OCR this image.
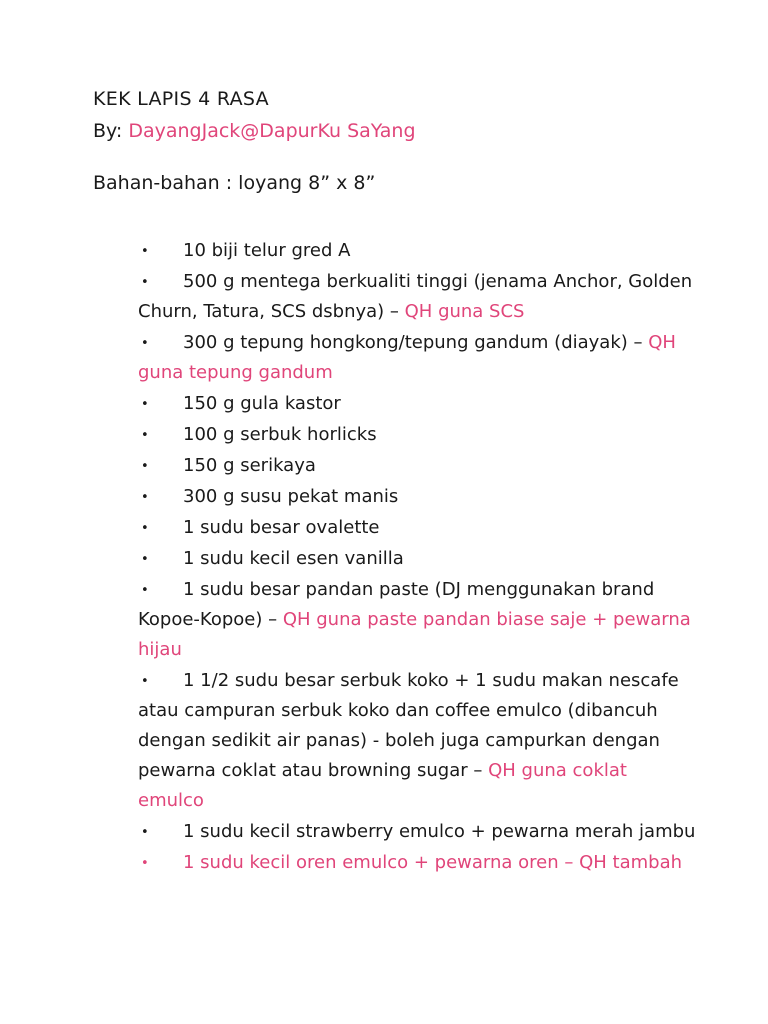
KEK LAPIS 4 RASA
By: DayangJack@DapurKu SaYang
Bahan-bahan : loyang 8” x 8”
• 10 biji telur gred A
• 500 g mentega berkualiti tinggi (jenama Anchor, Golden Churn, Tatura, SCS dsbnya) – QH guna SCS
• 300 g tepung hongkong/tepung gandum (diayak) – QH guna tepung gandum
• 150 g gula kastor
• 100 g serbuk horlicks
• 150 g serikaya
• 300 g susu pekat manis
• 1 sudu besar ovalette
• 1 sudu kecil esen vanilla
• 1 sudu besar pandan paste (DJ menggunakan brand Kopoe-Kopoe) – QH guna paste pandan biase saje + pewarna hijau
• 1 1/2 sudu besar serbuk koko + 1 sudu makan nescafe atau campuran serbuk koko dan coffee emulco (dibancuh dengan sedikit air panas) - boleh juga campurkan dengan pewarna coklat atau browning sugar – QH guna coklat emulco
• 1 sudu kecil strawberry emulco + pewarna merah jambu
• 1 sudu kecil oren emulco + pewarna oren – QH tambah
